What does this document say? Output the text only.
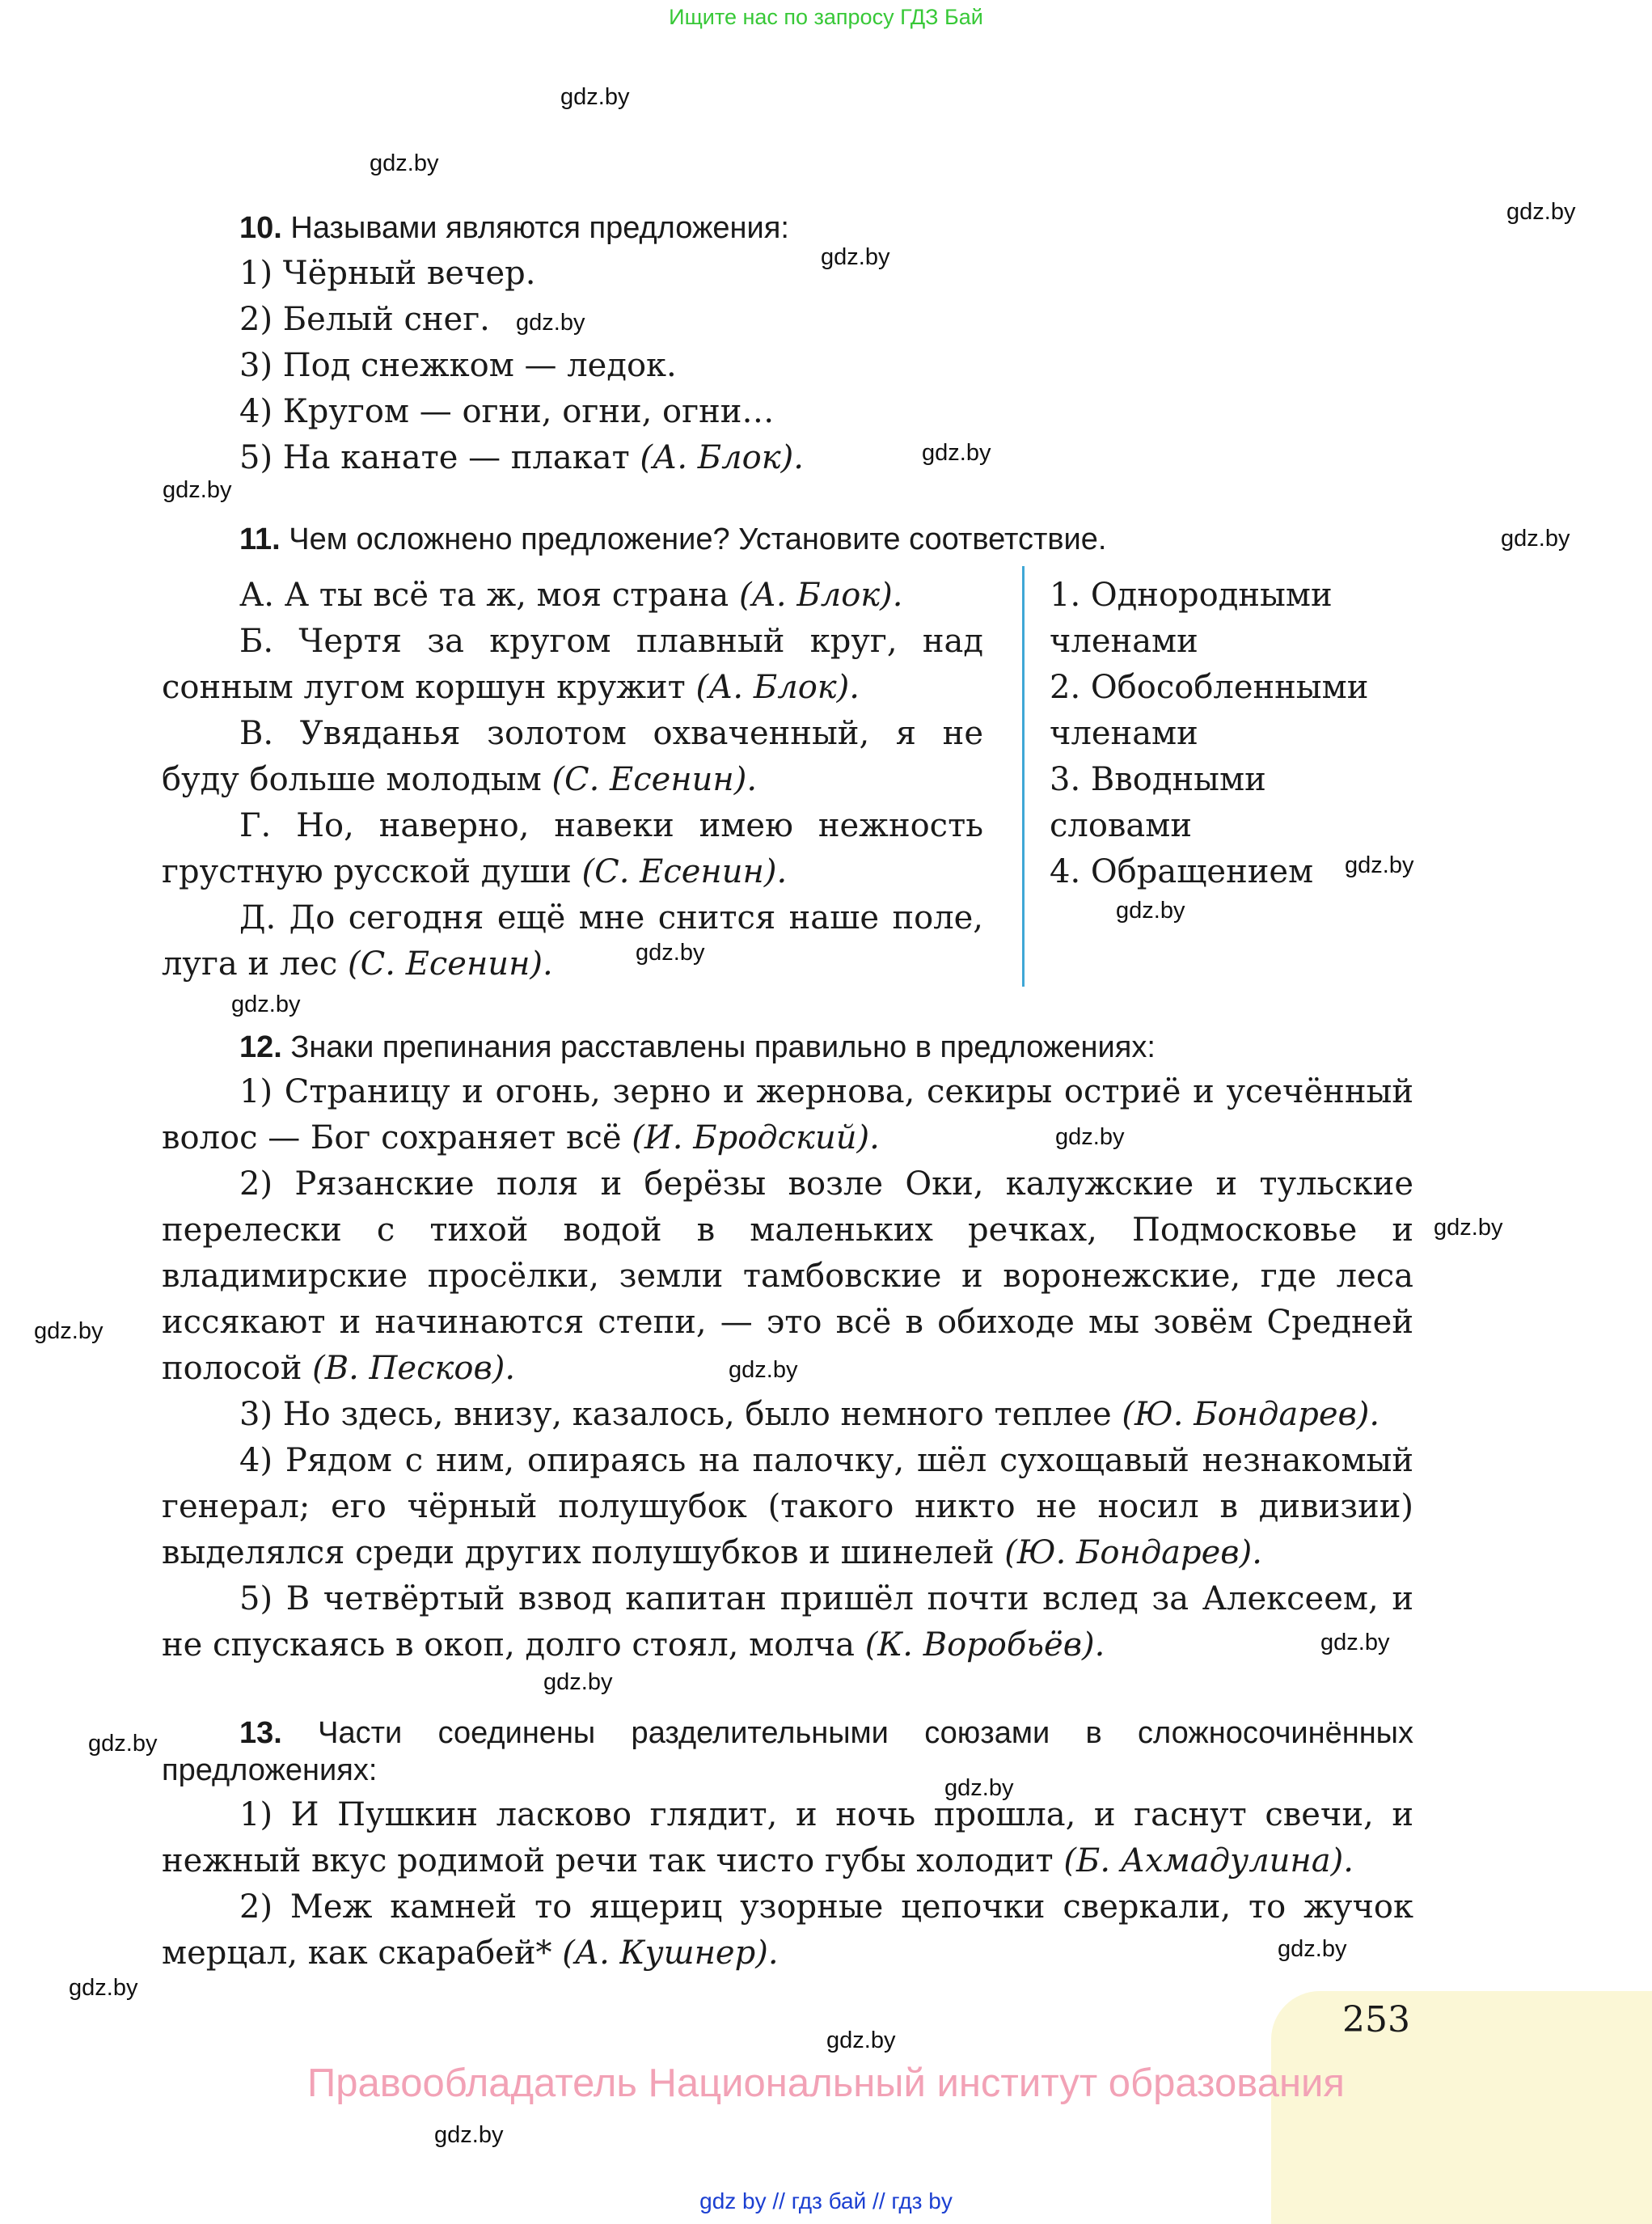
Ищите нас по запросу ГДЗ Бай
gdz.by
gdz.by
gdz.by
gdz.by
gdz.by
gdz.by
gdz.by
gdz.by
gdz.by
gdz.by
gdz.by
gdz.by
gdz.by
gdz.by
gdz.by
gdz.by
gdz.by
gdz.by
gdz.by
gdz.by
gdz.by
gdz.by
gdz.by
gdz.by
10. Называми являются предложения:
1) Чёрный вечер.
2) Белый снег.
3) Под снежком — ледок.
4) Кругом — огни, огни, огни…
5) На канате — плакат (А. Блок).
11. Чем осложнено предложение? Установите соответствие.
А. А ты всё та ж, моя страна (А. Блок).
Б. Чертя за кругом плавный круг, над сонным лугом коршун кружит (А. Блок).
В. Увяданья золотом охваченный, я не буду больше молодым (С. Есенин).
Г. Но, наверно, навеки имею нежность грустную русской души (С. Есенин).
Д. До сегодня ещё мне снится наше поле, луга и лес (С. Есенин).
1. Однородными
членами
2. Обособленными
членами
3. Вводными
словами
4. Обращением
12. Знаки препинания расставлены правильно в предложениях:
1) Страницу и огонь, зерно и жернова, секиры остриё и усечённый волос — Бог сохраняет всё (И. Бродский).
2) Рязанские поля и берёзы возле Оки, калужские и тульские перелески с тихой водой в маленьких речках, Подмосковье и владимирские просёлки, земли тамбовские и воронежские, где леса иссякают и начинаются степи, — это всё в обиходе мы зовём Средней полосой (В. Песков).
3) Но здесь, внизу, казалось, было немного теплее (Ю. Бондарев).
4) Рядом с ним, опираясь на палочку, шёл сухощавый незнакомый генерал; его чёрный полушубок (такого никто не носил в дивизии) выделялся среди других полушубков и шинелей (Ю. Бондарев).
5) В четвёртый взвод капитан пришёл почти вслед за Алексеем, и не спускаясь в окоп, долго стоял, молча (К. Воробьёв).
13. Части соединены разделительными союзами в сложносочинённых предложениях:
1) И Пушкин ласково глядит, и ночь прошла, и гаснут свечи, и нежный вкус родимой речи так чисто губы холодит (Б. Ахмадулина).
2) Меж камней то ящериц узорные цепочки сверкали, то жучок мерцал, как скарабей* (А. Кушнер).
253
Правообладатель Национальный институт образования
gdz by // гдз бай // гдз by
